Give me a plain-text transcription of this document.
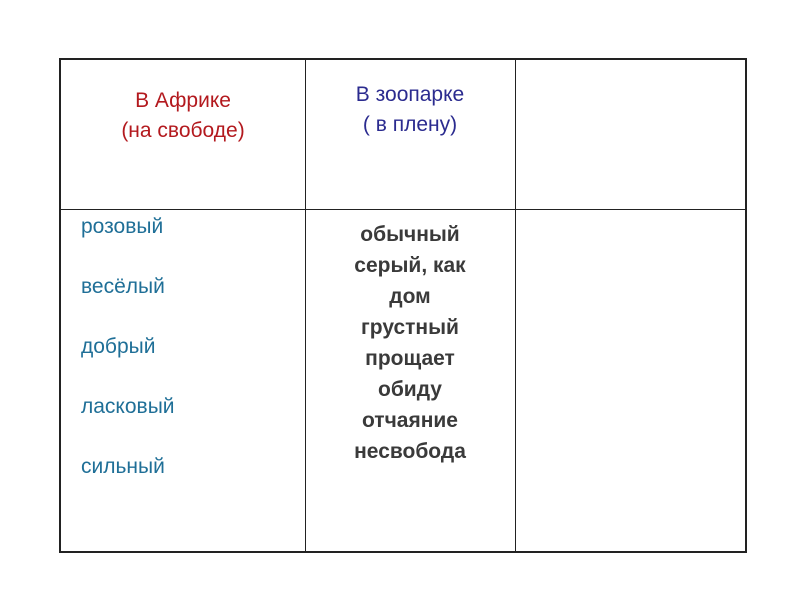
В Африке
(на свободе)
В зоопарке
( в плену)
розовый
весёлый
добрый
ласковый
сильный
обычный
серый, как
дом
грустный
прощает
обиду
отчаяние
несвобода
